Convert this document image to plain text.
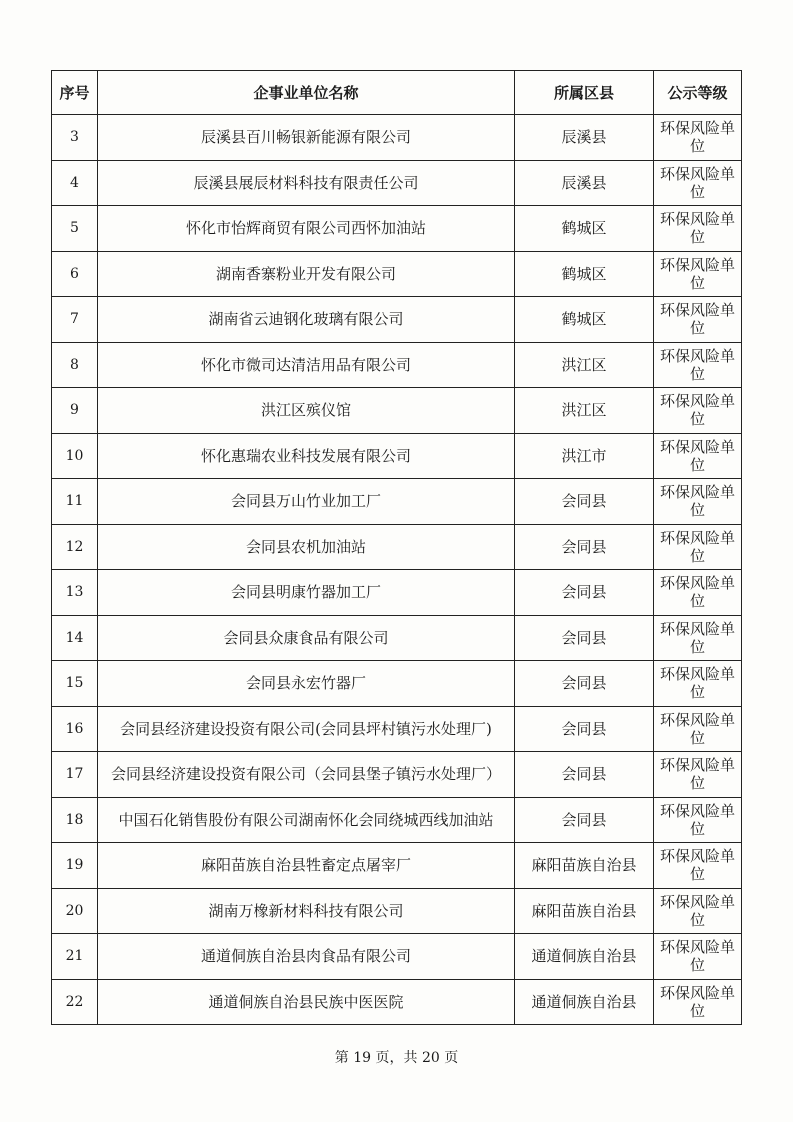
序号	企事业单位名称	所属区县	公示等级
3	辰溪县百川畅银新能源有限公司	辰溪县	环保风险单位
4	辰溪县展辰材料科技有限责任公司	辰溪县	环保风险单位
5	怀化市怡辉商贸有限公司西怀加油站	鹤城区	环保风险单位
6	湖南香寨粉业开发有限公司	鹤城区	环保风险单位
7	湖南省云迪钢化玻璃有限公司	鹤城区	环保风险单位
8	怀化市微司达清洁用品有限公司	洪江区	环保风险单位
9	洪江区殡仪馆	洪江区	环保风险单位
10	怀化惠瑞农业科技发展有限公司	洪江市	环保风险单位
11	会同县万山竹业加工厂	会同县	环保风险单位
12	会同县农机加油站	会同县	环保风险单位
13	会同县明康竹器加工厂	会同县	环保风险单位
14	会同县众康食品有限公司	会同县	环保风险单位
15	会同县永宏竹器厂	会同县	环保风险单位
16	会同县经济建设投资有限公司(会同县坪村镇污水处理厂)	会同县	环保风险单位
17	会同县经济建设投资有限公司（会同县堡子镇污水处理厂）	会同县	环保风险单位
18	中国石化销售股份有限公司湖南怀化会同绕城西线加油站	会同县	环保风险单位
19	麻阳苗族自治县牲畜定点屠宰厂	麻阳苗族自治县	环保风险单位
20	湖南万橡新材料科技有限公司	麻阳苗族自治县	环保风险单位
21	通道侗族自治县肉食品有限公司	通道侗族自治县	环保风险单位
22	通道侗族自治县民族中医医院	通道侗族自治县	环保风险单位
第 19 页，共 20 页
